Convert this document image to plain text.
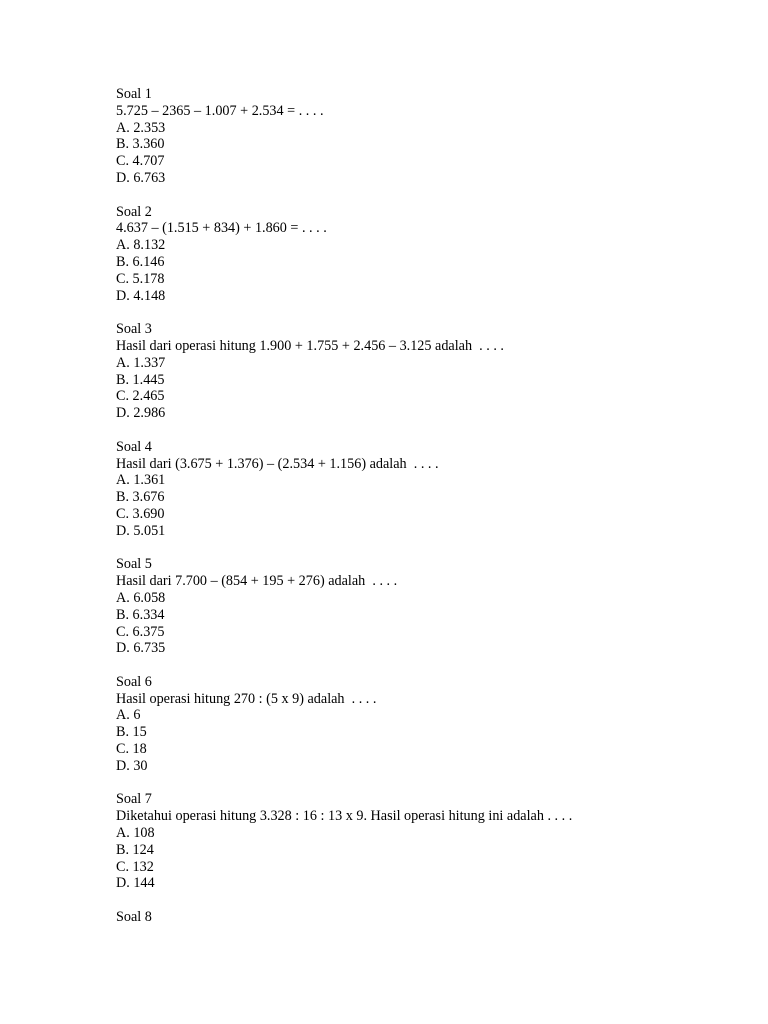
Soal 1
5.725 – 2365 – 1.007 + 2.534 = . . . .
A. 2.353
B. 3.360
C. 4.707
D. 6.763
Soal 2
4.637 – (1.515 + 834) + 1.860 = . . . .
A. 8.132
B. 6.146
C. 5.178
D. 4.148
Soal 3
Hasil dari operasi hitung 1.900 + 1.755 + 2.456 – 3.125 adalah  . . . .
A. 1.337
B. 1.445
C. 2.465
D. 2.986
Soal 4
Hasil dari (3.675 + 1.376) – (2.534 + 1.156) adalah  . . . .
A. 1.361
B. 3.676
C. 3.690
D. 5.051
Soal 5
Hasil dari 7.700 – (854 + 195 + 276) adalah  . . . .
A. 6.058
B. 6.334
C. 6.375
D. 6.735
Soal 6
Hasil operasi hitung 270 : (5 x 9) adalah  . . . .
A. 6
B. 15
C. 18
D. 30
Soal 7
Diketahui operasi hitung 3.328 : 16 : 13 x 9. Hasil operasi hitung ini adalah . . . .
A. 108
B. 124
C. 132
D. 144
Soal 8
